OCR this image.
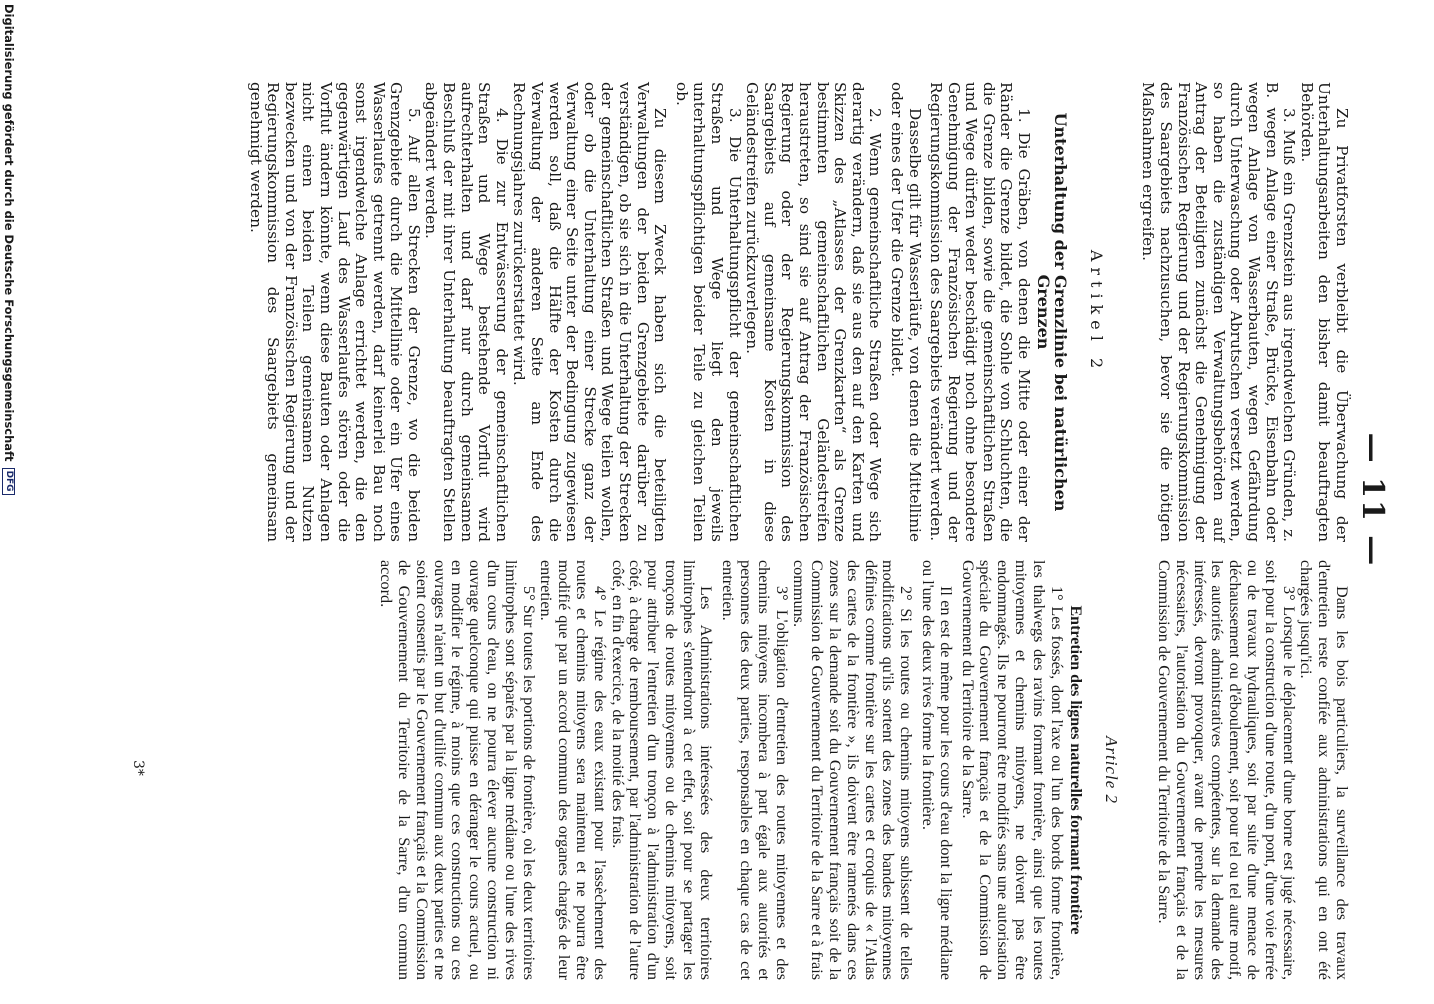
— 11 —

Zu Privatforsten verbleibt die Überwachung der Unterhaltungsarbeiten den bisher damit beauftragten Behörden.

3. Muß ein Grenzstein aus irgendwelchen Gründen, z. B. wegen Anlage einer Straße, Brücke, Eisenbahn oder wegen Anlage von Wasserbauten, wegen Gefährdung durch Unterwaschung oder Abrutschen versetzt werden, so haben die zuständigen Verwaltungsbehörden auf Antrag der Beteiligten zunächst die Genehmigung der Französischen Regierung und der Regierungskommission des Saargebiets nachzusuchen, bevor sie die nötigen Maßnahmen ergreifen.

Artikel 2
Unterhaltung der Grenzlinie bei natürlichen Grenzen

1. Die Gräben, von denen die Mitte oder einer der Ränder die Grenze bildet, die Sohle von Schluchten, die die Grenze bilden, sowie die gemeinschaftlichen Straßen und Wege dürfen weder beschädigt noch ohne besondere Genehmigung der Französischen Regierung und der Regierungskommission des Saargebiets verändert werden.

Dasselbe gilt für Wasserläufe, von denen die Mittellinie oder eines der Ufer die Grenze bildet.

2. Wenn gemeinschaftliche Straßen oder Wege sich derartig verändern, daß sie aus den auf den Karten und Skizzen des „Atlasses der Grenzkarten“ als Grenze bestimmten gemeinschaftlichen Geländestreifen heraustreten, so sind sie auf Antrag der Französischen Regierung oder der Regierungskommission des Saargebiets auf gemeinsame Kosten in diese Geländestreifen zurückzuverlegen.

3. Die Unterhaltungspflicht der gemeinschaftlichen Straßen und Wege liegt den jeweils unterhaltungspflichtigen beider Teile zu gleichen Teilen ob.

Zu diesem Zweck haben sich die beteiligten Verwaltungen der beiden Grenzgebiete darüber zu verständigen, ob sie sich in die Unterhaltung der Strecken der gemeinschaftlichen Straßen und Wege teilen wollen, oder ob die Unterhaltung einer Strecke ganz der Verwaltung einer Seite unter der Bedingung zugewiesen werden soll, daß die Hälfte der Kosten durch die Verwaltung der anderen Seite am Ende des Rechnungsjahres zurückerstattet wird.

4. Die zur Entwässerung der gemeinschaftlichen Straßen und Wege bestehende Vorflut wird aufrechterhalten und darf nur durch gemeinsamen Beschluß der mit ihrer Unterhaltung beauftragten Stellen abgeändert werden.

5. Auf allen Strecken der Grenze, wo die beiden Grenzgebiete durch die Mittellinie oder ein Ufer eines Wasserlaufes getrennt werden, darf keinerlei Bau noch sonst irgendwelche Anlage errichtet werden, die den gegenwärtigen Lauf des Wasserlaufes stören oder die Vorflut ändern könnte, wenn diese Bauten oder Anlagen nicht einen beiden Teilen gemeinsamen Nutzen bezwecken und von der Französischen Regierung und der Regierungskommission des Saargebiets gemeinsam genehmigt werden.

Dans les bois particuliers, la surveillance des travaux d'entretien reste confiée aux administrations qui en ont été chargées jusqu'ici.

3° Lorsque le déplacement d'une borne est jugé nécessaire, soit pour la construction d'une route, d'un pont, d'une voie ferrée ou de travaux hydrauliques, soit par suite d'une menace de déchaussement ou d'éboulement, soit pour tel ou tel autre motif, les autorités administratives compétentes, sur la demande des intéressés, devront provoquer, avant de prendre les mesures nécessaires, l'autorisation du Gouvernement français et de la Commission de Gouvernement du Territoire de la Sarre.

Article 2
Entretien des lignes naturelles formant frontière

1° Les fossés, dont l'axe ou l'un des bords forme frontière, les thalwegs des ravins formant frontière, ainsi que les routes mitoyennes et chemins mitoyens, ne doivent pas être endommagés. Ils ne pourront être modifiés sans une autorisation spéciale du Gouvernement français et de la Commission de Gouvernement du Territoire de la Sarre.

Il en est de même pour les cours d'eau dont la ligne médiane ou l'une des deux rives forme la frontière.

2° Si les routes ou chemins mitoyens subissent de telles modifications qu'ils sortent des zones des bandes mitoyennes définies comme frontière sur les cartes et croquis de « l'Atlas des cartes de la frontière », ils doivent être ramenés dans ces zones sur la demande soit du Gouvernement français soit de la Commission de Gouvernement du Territoire de la Sarre et à frais communs.

3° L'obligation d'entretien des routes mitoyennes et des chemins mitoyens incombera à part égale aux autorités et personnes des deux parties, responsables en chaque cas de cet entretien.

Les Administrations intéressées des deux territoires limitrophes s'entendront à cet effet, soit pour se partager les tronçons de routes mitoyennes ou de chemins mitoyens, soit pour attribuer l'entretien d'un tronçon à l'administration d'un côté, à charge de remboursement, par l'administration de l'autre côté, en fin d'exercice, de la moitié des frais.

4° Le régime des eaux existant pour l'assèchement des routes et chemins mitoyens sera maintenu et ne pourra être modifié que par un accord commun des organes chargés de leur entretien.

5° Sur toutes les portions de frontière, où les deux territoires limitrophes sont séparés par la ligne médiane ou l'une des rives d'un cours d'eau, on ne pourra élever aucune construction ni ouvrage quelconque qui puisse en déranger le cours actuel, ou en modifier le régime, à moins que ces constructions ou ces ouvrages n'aient un but d'utilité commun aux deux parties et ne soient consentis par le Gouvernement français et la Commission de Gouvernement du Territoire de la Sarre, d'un commun accord.

3*
Digitalisierung gefördert durch die Deutsche Forschungsgemeinschaft
DFG
